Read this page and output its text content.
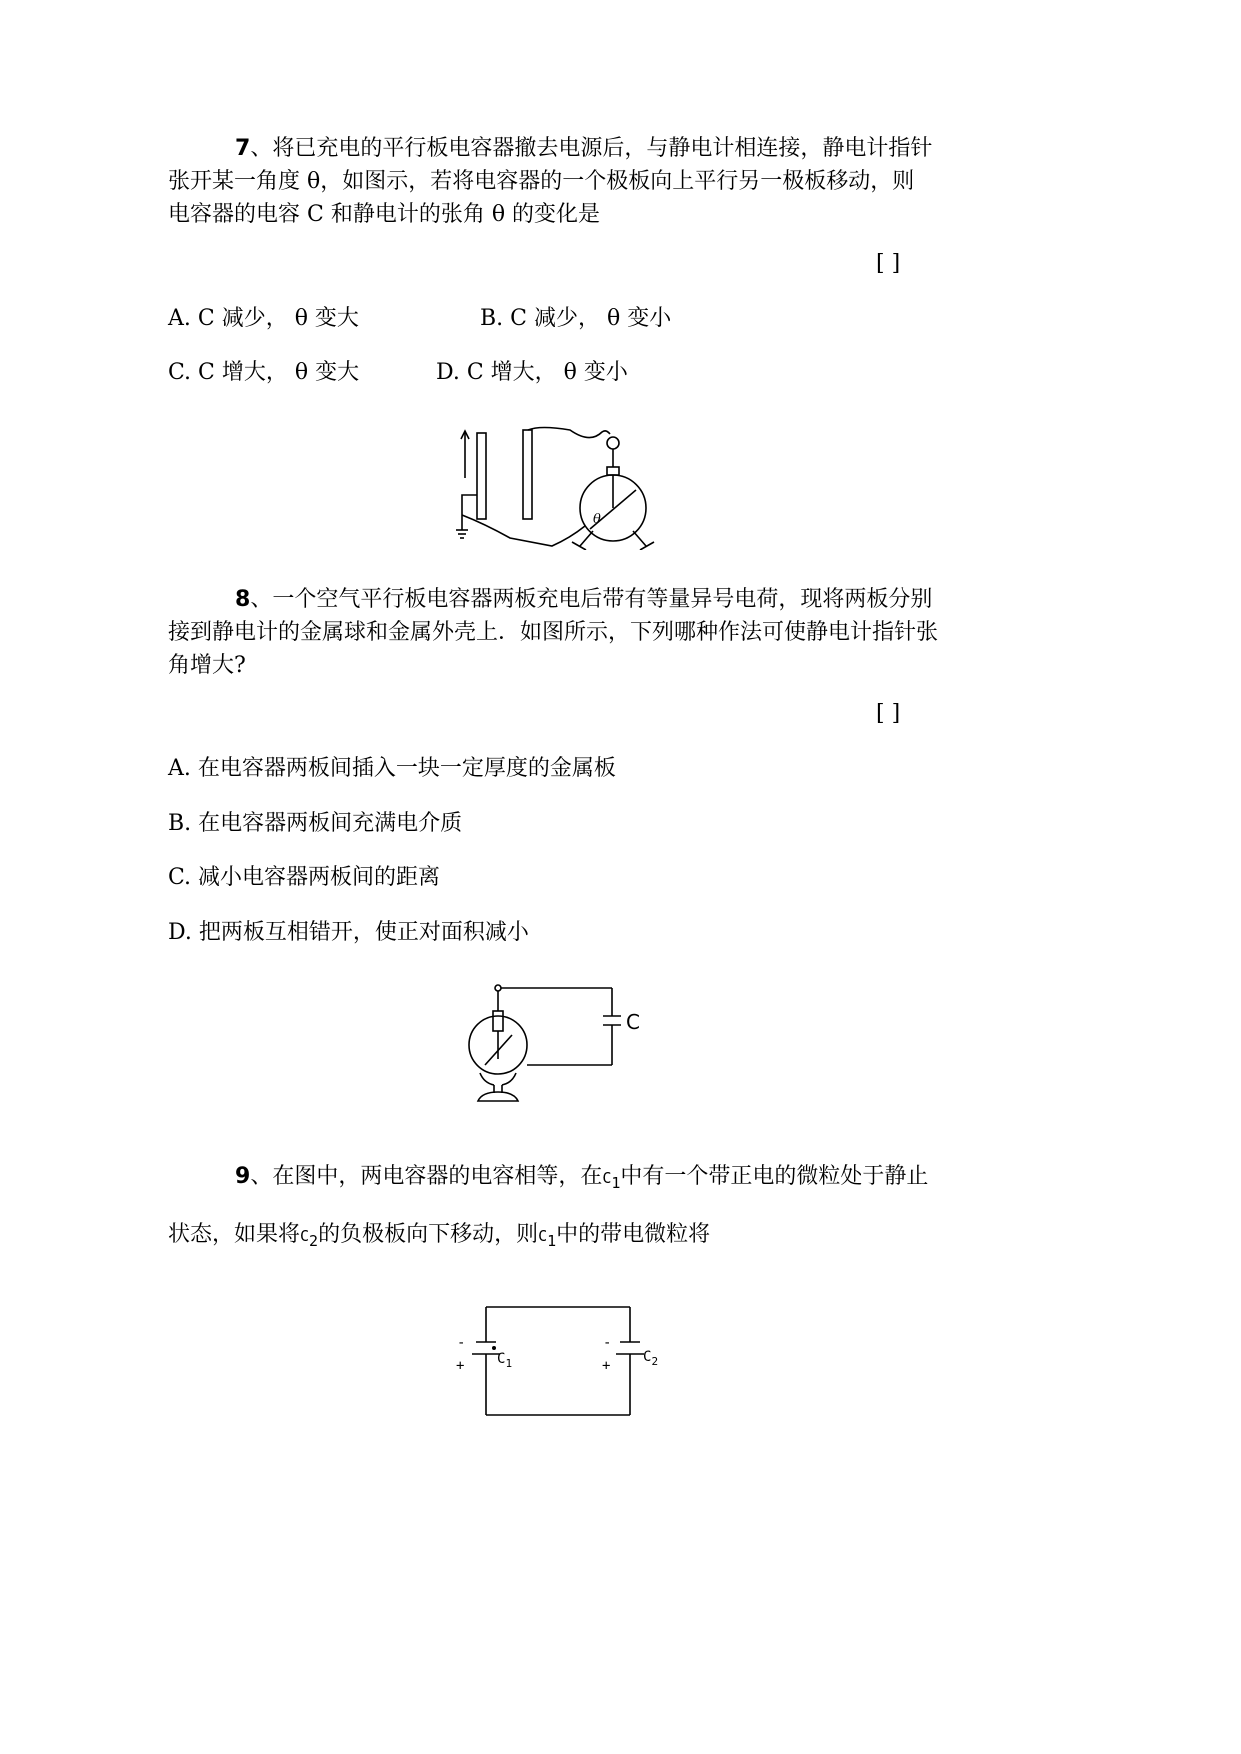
7、将已充电的平行板电容器撤去电源后，与静电计相连接，静电计指针
张开某一角度 θ，如图示，若将电容器的一个极板向上平行另一极板移动，则
电容器的电容 C 和静电计的张角 θ 的变化是
[ ]
A. C 减少， θ 变大	B. C 减少， θ 变小
C. C 增大， θ 变大	D. C 增大， θ 变小
θ
8、一个空气平行板电容器两板充电后带有等量异号电荷，现将两板分别
接到静电计的金属球和金属外壳上．如图所示，下列哪种作法可使静电计指针张
角增大?
[ ]
A. 在电容器两板间插入一块一定厚度的金属板
B. 在电容器两板间充满电介质
C. 减小电容器两板间的距离
D. 把两板互相错开，使正对面积减小
C
9、在图中，两电容器的电容相等，在C1中有一个带正电的微粒处于静止
状态，如果将C2的负极板向下移动，则C1中的带电微粒将
-
+
-
+
$C_1$	$C_2$
